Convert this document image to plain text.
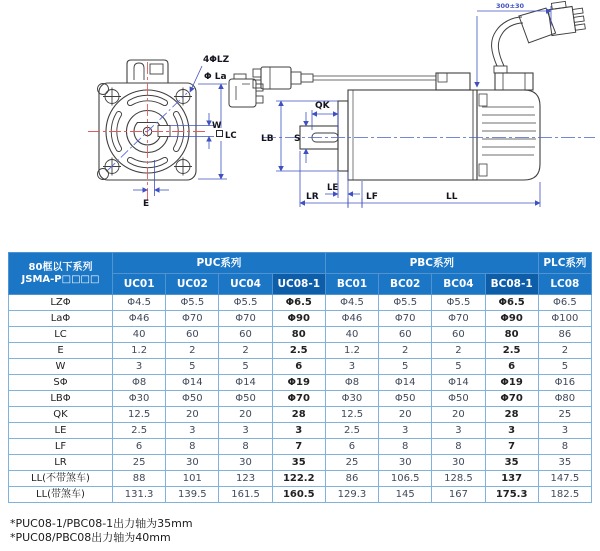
4ΦLZ
Φ La
W
LC
E
QK
S
LB
LE
LR	LF	LL
300±30
80框以下系列
JSMA-P□□□□	PUC系列				PBC系列				PLC系列
	UC01	UC02	UC04	UC08-1	BC01	BC02	BC04	BC08-1	LC08
LZΦ	Φ4.5	Φ5.5	Φ5.5	Φ6.5	Φ4.5	Φ5.5	Φ5.5	Φ6.5	Φ6.5
LaΦ	Φ46	Φ70	Φ70	Φ90	Φ46	Φ70	Φ70	Φ90	Φ100
LC	40	60	60	80	40	60	60	80	86
E	1.2	2	2	2.5	1.2	2	2	2.5	2
W	3	5	5	6	3	5	5	6	5
SΦ	Φ8	Φ14	Φ14	Φ19	Φ8	Φ14	Φ14	Φ19	Φ16
LBΦ	Φ30	Φ50	Φ50	Φ70	Φ30	Φ50	Φ50	Φ70	Φ80
QK	12.5	20	20	28	12.5	20	20	28	25
LE	2.5	3	3	3	2.5	3	3	3	3
LF	6	8	8	7	6	8	8	7	8
LR	25	30	30	35	25	30	30	35	35
LL(不带煞车)	88	101	123	122.2	86	106.5	128.5	137	147.5
LL(带煞车)	131.3	139.5	161.5	160.5	129.3	145	167	175.3	182.5
*PUC08-1/PBC08-1出力轴为35mm
*PUC08/PBC08出力轴为40mm
